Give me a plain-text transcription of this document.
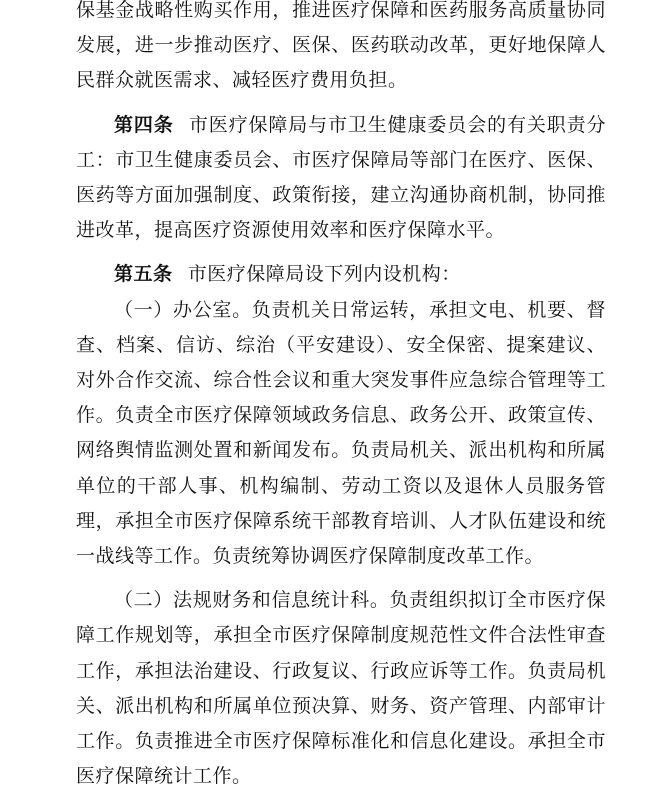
保基金战略性购买作用，推进医疗保障和医药服务高质量协同发展，进一步推动医疗、医保、医药联动改革，更好地保障人民群众就医需求、减轻医疗费用负担。

第四条 市医疗保障局与市卫生健康委员会的有关职责分工：市卫生健康委员会、市医疗保障局等部门在医疗、医保、医药等方面加强制度、政策衔接，建立沟通协商机制，协同推进改革，提高医疗资源使用效率和医疗保障水平。

第五条 市医疗保障局设下列内设机构：

（一）办公室。负责机关日常运转，承担文电、机要、督查、档案、信访、综治（平安建设）、安全保密、提案建议、对外合作交流、综合性会议和重大突发事件应急综合管理等工作。负责全市医疗保障领域政务信息、政务公开、政策宣传、网络舆情监测处置和新闻发布。负责局机关、派出机构和所属单位的干部人事、机构编制、劳动工资以及退休人员服务管理，承担全市医疗保障系统干部教育培训、人才队伍建设和统一战线等工作。负责统筹协调医疗保障制度改革工作。

（二）法规财务和信息统计科。负责组织拟订全市医疗保障工作规划等，承担全市医疗保障制度规范性文件合法性审查工作，承担法治建设、行政复议、行政应诉等工作。负责局机关、派出机构和所属单位预决算、财务、资产管理、内部审计工作。负责推进全市医疗保障标准化和信息化建设。承担全市医疗保障统计工作。
